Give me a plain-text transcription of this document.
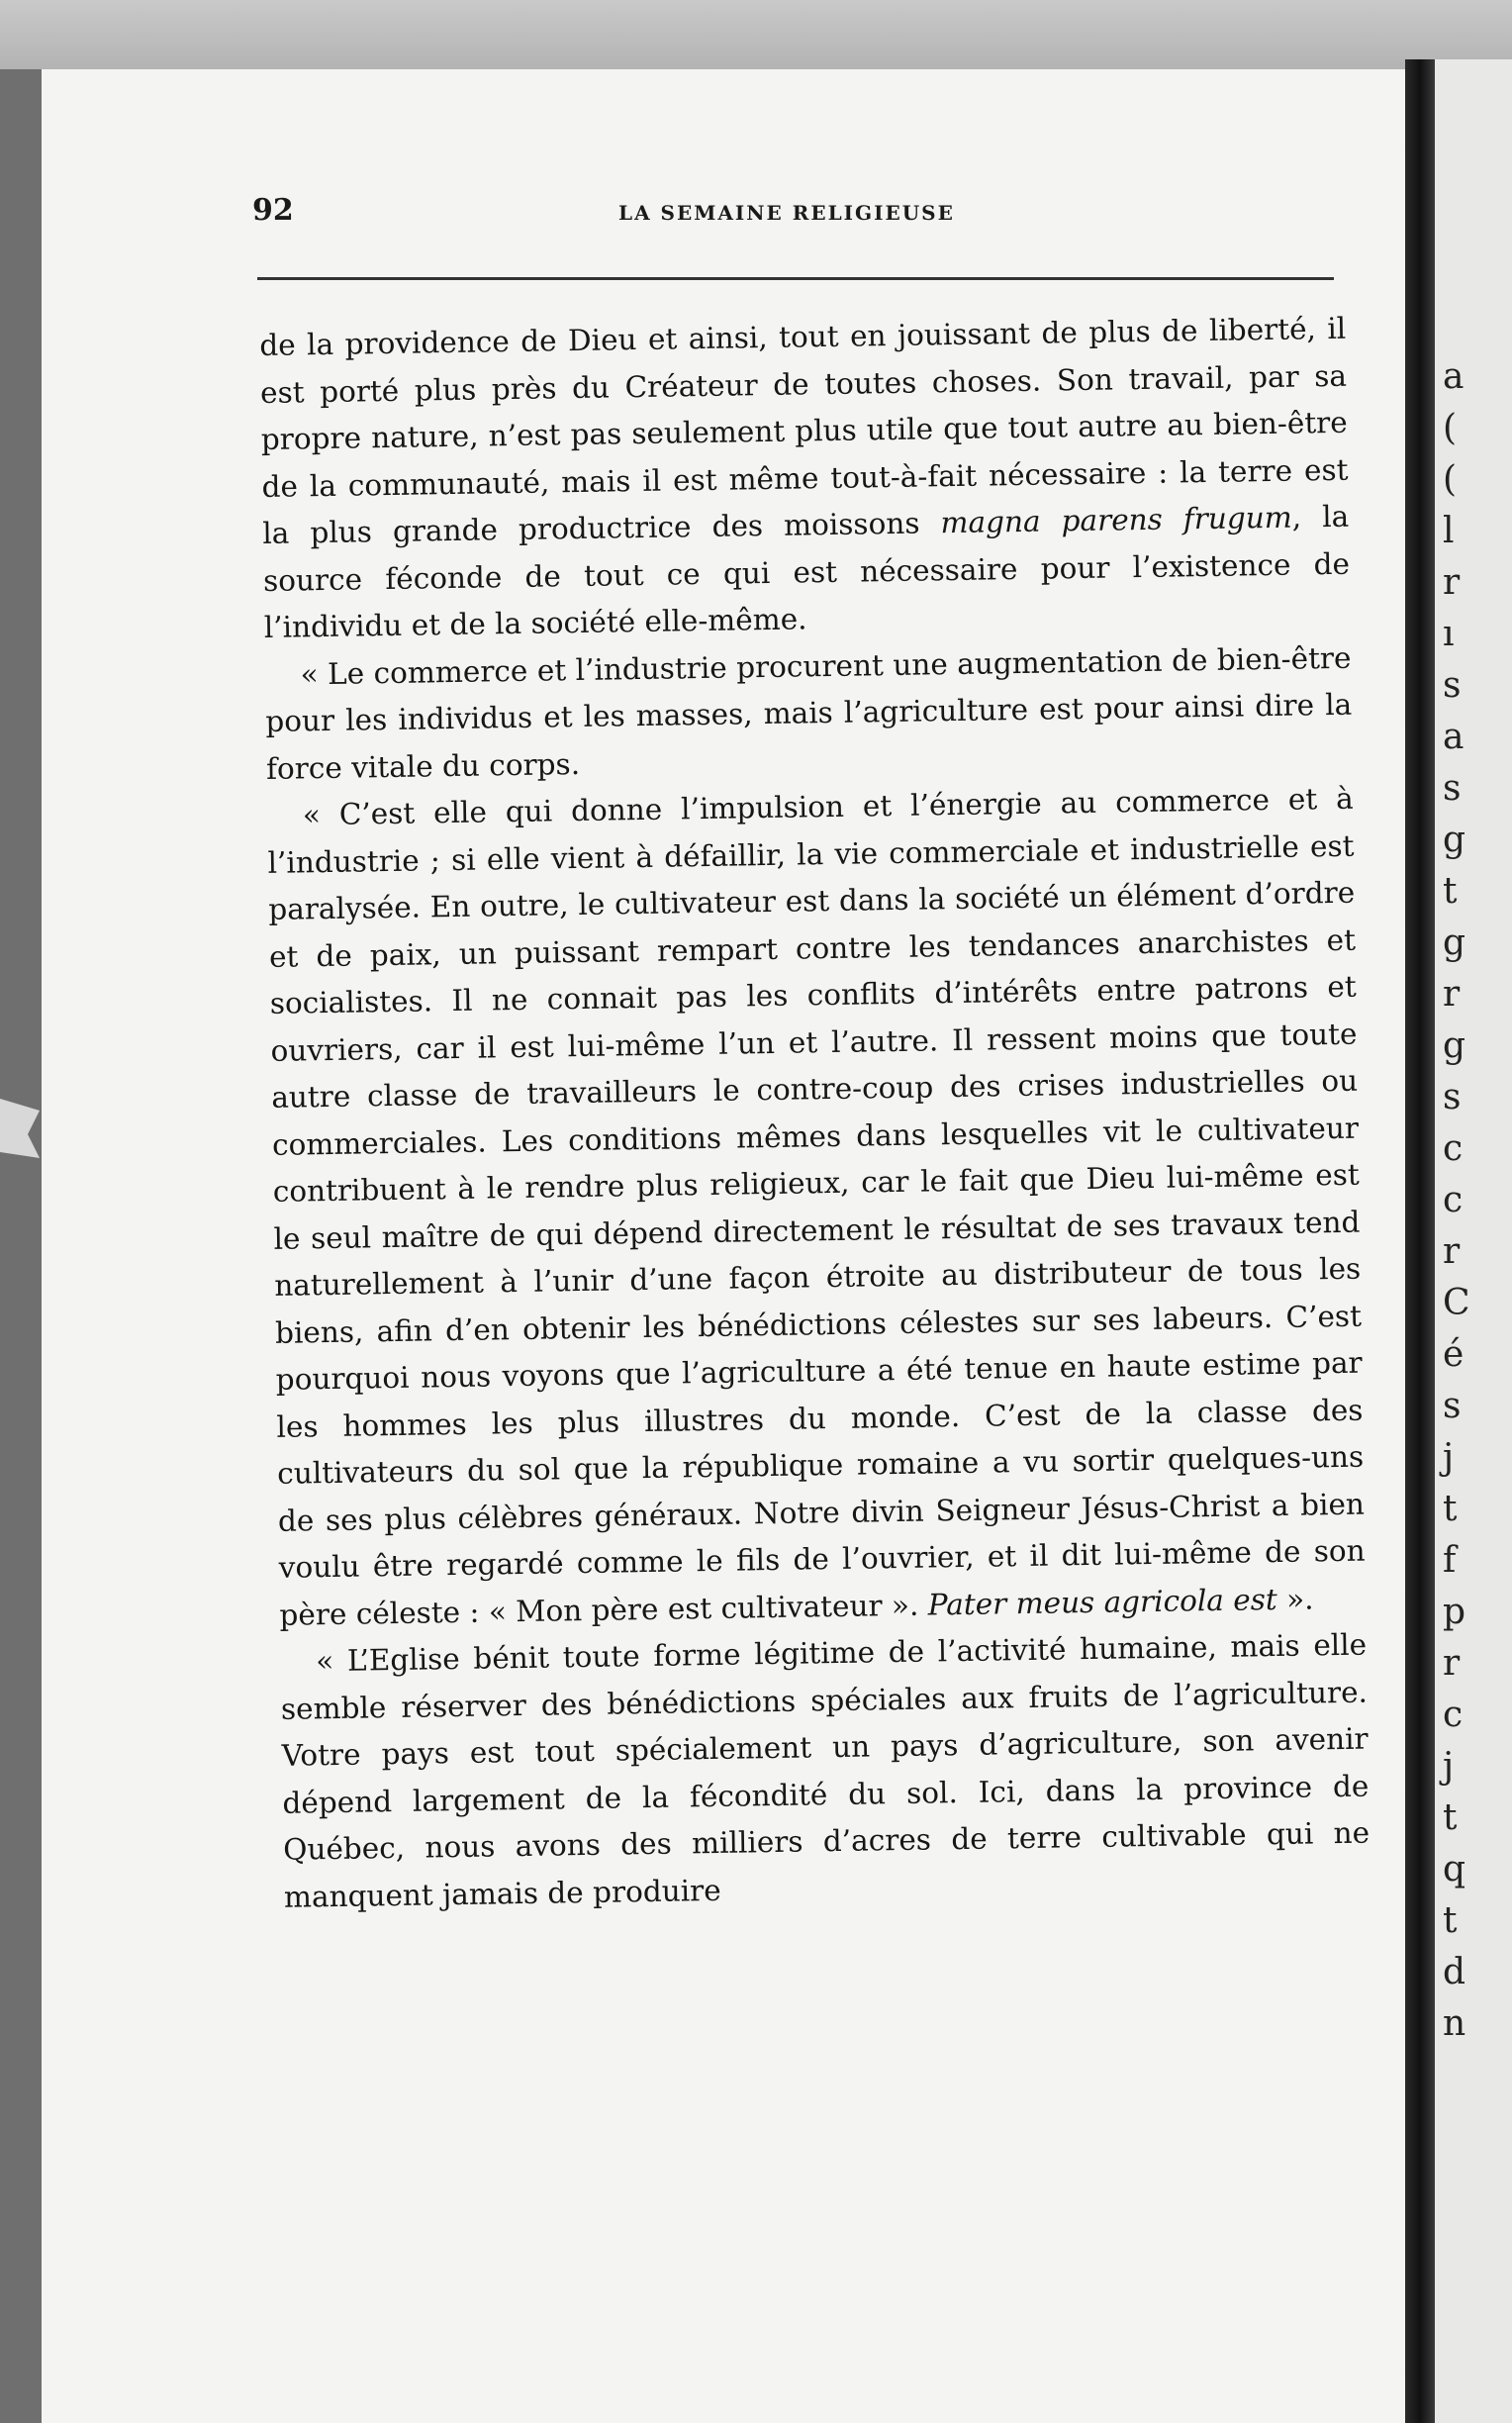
92	LA SEMAINE RELIGIEUSE

de la providence de Dieu et ainsi, tout en jouissant de plus de liberté, il est porté plus près du Créateur de toutes choses. Son travail, par sa propre nature, n’est pas seulement plus utile que tout autre au bien-être de la communauté, mais il est même tout-à-fait nécessaire : la terre est la plus grande productrice des moissons magna parens frugum, la source féconde de tout ce qui est nécessaire pour l’existence de l’individu et de la société elle-même.

« Le commerce et l’industrie procurent une augmentation de bien-être pour les individus et les masses, mais l’agriculture est pour ainsi dire la force vitale du corps.

« C’est elle qui donne l’impulsion et l’énergie au commerce et à l’industrie ; si elle vient à défaillir, la vie commerciale et industrielle est paralysée. En outre, le cultivateur est dans la société un élément d’ordre et de paix, un puissant rempart contre les tendances anarchistes et socialistes. Il ne connait pas les conflits d’intérêts entre patrons et ouvriers, car il est lui-même l’un et l’autre. Il ressent moins que toute autre classe de travailleurs le contre-coup des crises industrielles ou commerciales. Les conditions mêmes dans lesquelles vit le cultivateur contribuent à le rendre plus religieux, car le fait que Dieu lui-même est le seul maître de qui dépend directement le résultat de ses travaux tend naturellement à l’unir d’une façon étroite au distributeur de tous les biens, afin d’en obtenir les bénédictions célestes sur ses labeurs. C’est pourquoi nous voyons que l’agriculture a été tenue en haute estime par les hommes les plus illustres du monde. C’est de la classe des cultivateurs du sol que la république romaine a vu sortir quelques-uns de ses plus célèbres généraux. Notre divin Seigneur Jésus-Christ a bien voulu être regardé comme le fils de l’ouvrier, et il dit lui-même de son père céleste : « Mon père est cultivateur ». Pater meus agricola est ».

« L’Eglise bénit toute forme légitime de l’activité humaine, mais elle semble réserver des bénédictions spéciales aux fruits de l’agriculture. Votre pays est tout spécialement un pays d’agriculture, son avenir dépend largement de la fécondité du sol. Ici, dans la province de Québec, nous avons des milliers d’acres de terre cultivable qui ne manquent jamais de produire

a
(
(
l
r
ı
s
a
s
g
t
g
r
g
s
c
c
r
C
é
s
j
t
f
p
r
c
j
t
q
t
d
n
